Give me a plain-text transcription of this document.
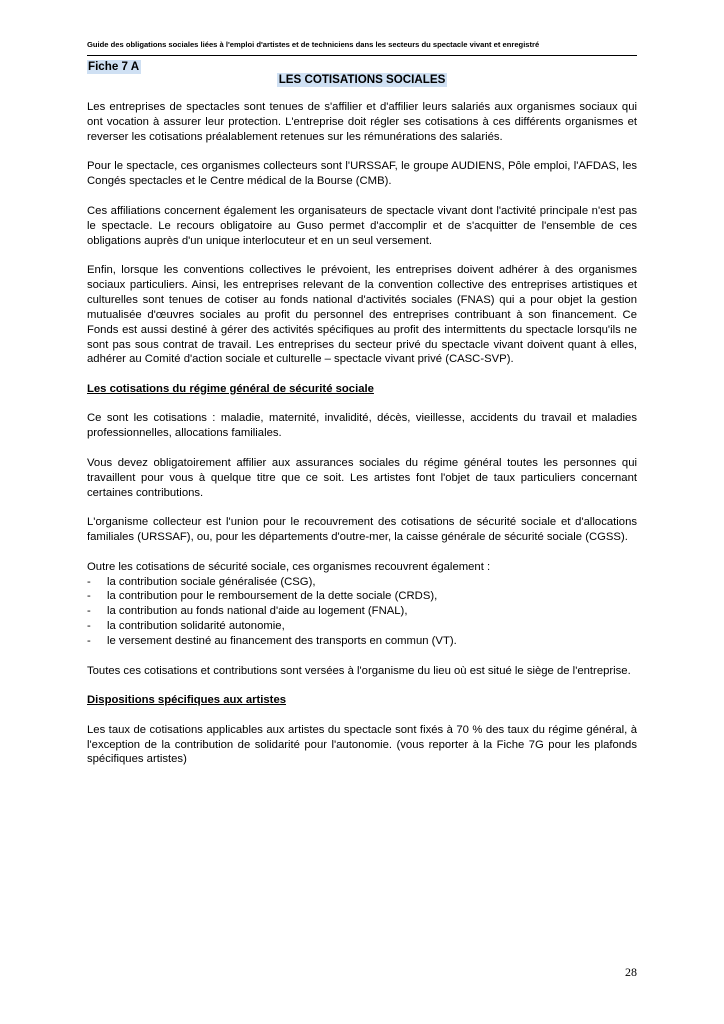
Guide des obligations sociales liées à l'emploi d'artistes et de techniciens dans les secteurs du spectacle vivant et enregistré
Fiche 7 A
LES COTISATIONS SOCIALES

Les entreprises de spectacles sont tenues de s'affilier et d'affilier leurs salariés aux organismes sociaux qui ont vocation à assurer leur protection. L'entreprise doit régler ses cotisations à ces différents organismes et reverser les cotisations préalablement retenues sur les rémunérations des salariés.

Pour le spectacle, ces organismes collecteurs sont l'URSSAF, le groupe AUDIENS, Pôle emploi, l'AFDAS, les Congés spectacles et le Centre médical de la Bourse (CMB).

Ces affiliations concernent également les organisateurs de spectacle vivant dont l'activité principale n'est pas le spectacle. Le recours obligatoire au Guso permet d'accomplir et de s'acquitter de l'ensemble de ces obligations auprès d'un unique interlocuteur et en un seul versement.

Enfin, lorsque les conventions collectives le prévoient, les entreprises doivent adhérer à des organismes sociaux particuliers. Ainsi, les entreprises relevant de la convention collective des entreprises artistiques et culturelles sont tenues de cotiser au fonds national d'activités sociales (FNAS) qui a pour objet la gestion mutualisée d'œuvres sociales au profit du personnel des entreprises contribuant à son financement. Ce Fonds est aussi destiné à gérer des activités spécifiques au profit des intermittents du spectacle lorsqu'ils ne sont pas sous contrat de travail. Les entreprises du secteur privé du spectacle vivant doivent quant à elles, adhérer au Comité d'action sociale et culturelle – spectacle vivant privé (CASC-SVP).

Les cotisations du régime général de sécurité sociale

Ce sont les cotisations : maladie, maternité, invalidité, décès, vieillesse, accidents du travail et maladies professionnelles, allocations familiales.

Vous devez obligatoirement affilier aux assurances sociales du régime général toutes les personnes qui travaillent pour vous à quelque titre que ce soit. Les artistes font l'objet de taux particuliers concernant certaines contributions.

L'organisme collecteur est l'union pour le recouvrement des cotisations de sécurité sociale et d'allocations familiales (URSSAF), ou, pour les départements d'outre-mer, la caisse générale de sécurité sociale (CGSS).

Outre les cotisations de sécurité sociale, ces organismes recouvrent également :
- la contribution sociale généralisée (CSG),
- la contribution pour le remboursement de la dette sociale (CRDS),
- la contribution au fonds national d'aide au logement (FNAL),
- la contribution solidarité autonomie,
- le versement destiné au financement des transports en commun (VT).

Toutes ces cotisations et contributions sont versées à l'organisme du lieu où est situé le siège de l'entreprise.

Dispositions spécifiques aux artistes

Les taux de cotisations applicables aux artistes du spectacle sont fixés à 70 % des taux du régime général, à l'exception de la contribution de solidarité pour l'autonomie. (vous reporter à la Fiche 7G pour les plafonds spécifiques artistes)

28
